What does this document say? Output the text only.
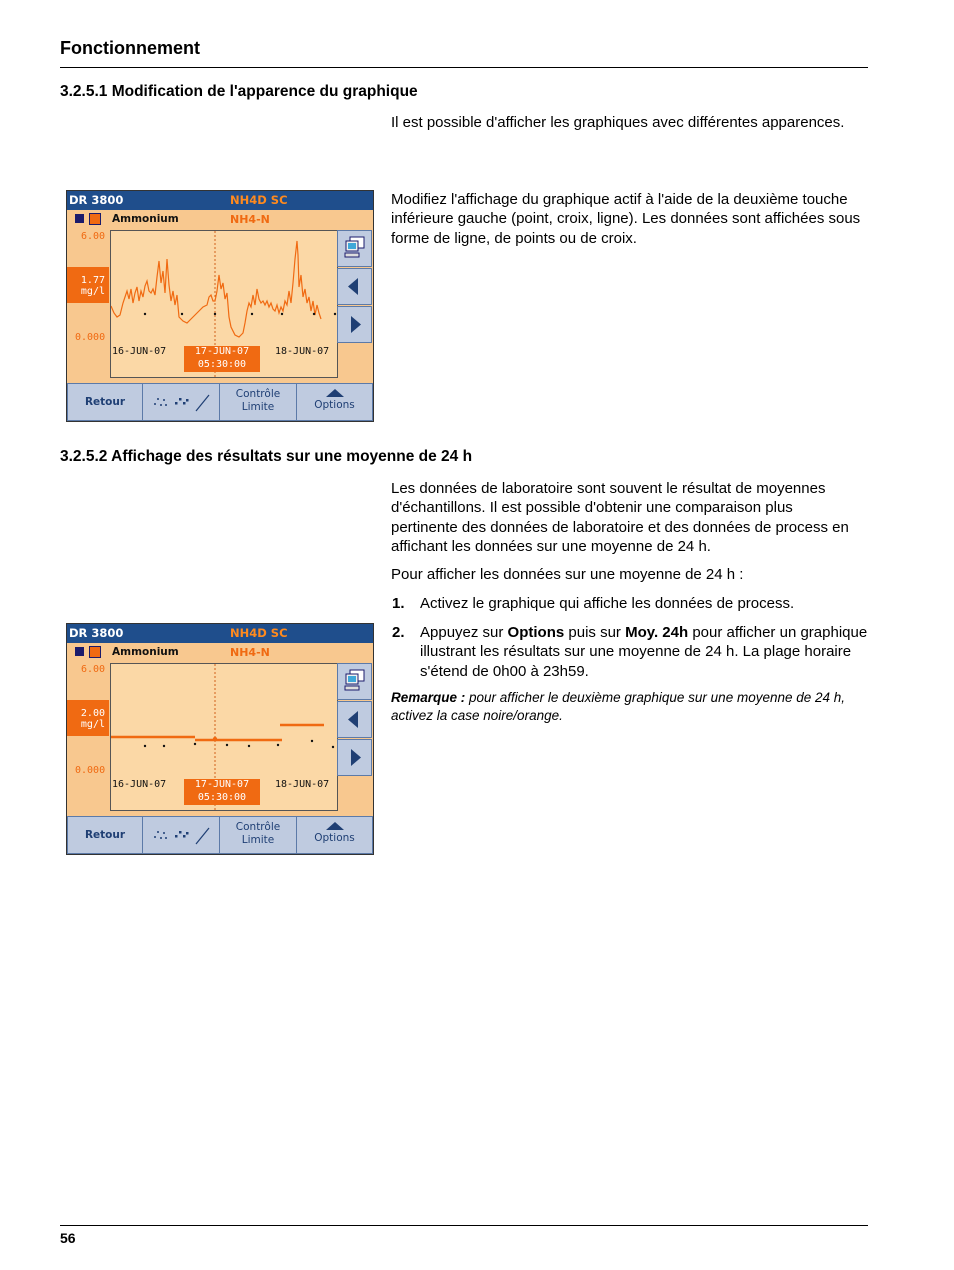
Fonctionnement
3.2.5.1 Modification de l'apparence du graphique
Il est possible d'afficher les graphiques avec différentes apparences.
Modifiez l'affichage du graphique actif à l'aide de la deuxième touche inférieure gauche (point, croix, ligne). Les données sont affichées sous forme de ligne, de points ou de croix.
DR 3800	NH4D SC
Ammonium	NH4-N
6.00
0.000
1.77
mg/l
16-JUN-07	17-JUN-07
05:30:00
18-JUN-07
Retour
Contrôle
Limite	Options
3.2.5.2 Affichage des résultats sur une moyenne de 24 h
Les données de laboratoire sont souvent le résultat de moyennes d'échantillons. Il est possible d'obtenir une comparaison plus pertinente des données de laboratoire et des données de process en affichant les données sur une moyenne de 24 h.
Pour afficher les données sur une moyenne de 24 h :
1. Activez le graphique qui affiche les données de process.
2. Appuyez sur Options puis sur Moy. 24h pour afficher un graphique illustrant les résultats sur une moyenne de 24 h. La plage horaire s'étend de 0h00 à 23h59.
Remarque : pour afficher le deuxième graphique sur une moyenne de 24 h, activez la case noire/orange.
DR 3800	NH4D SC
Ammonium	NH4-N
6.00
0.000
2.00
mg/l
16-JUN-07	17-JUN-07
05:30:00
18-JUN-07
Retour
Contrôle
Limite	Options
56
